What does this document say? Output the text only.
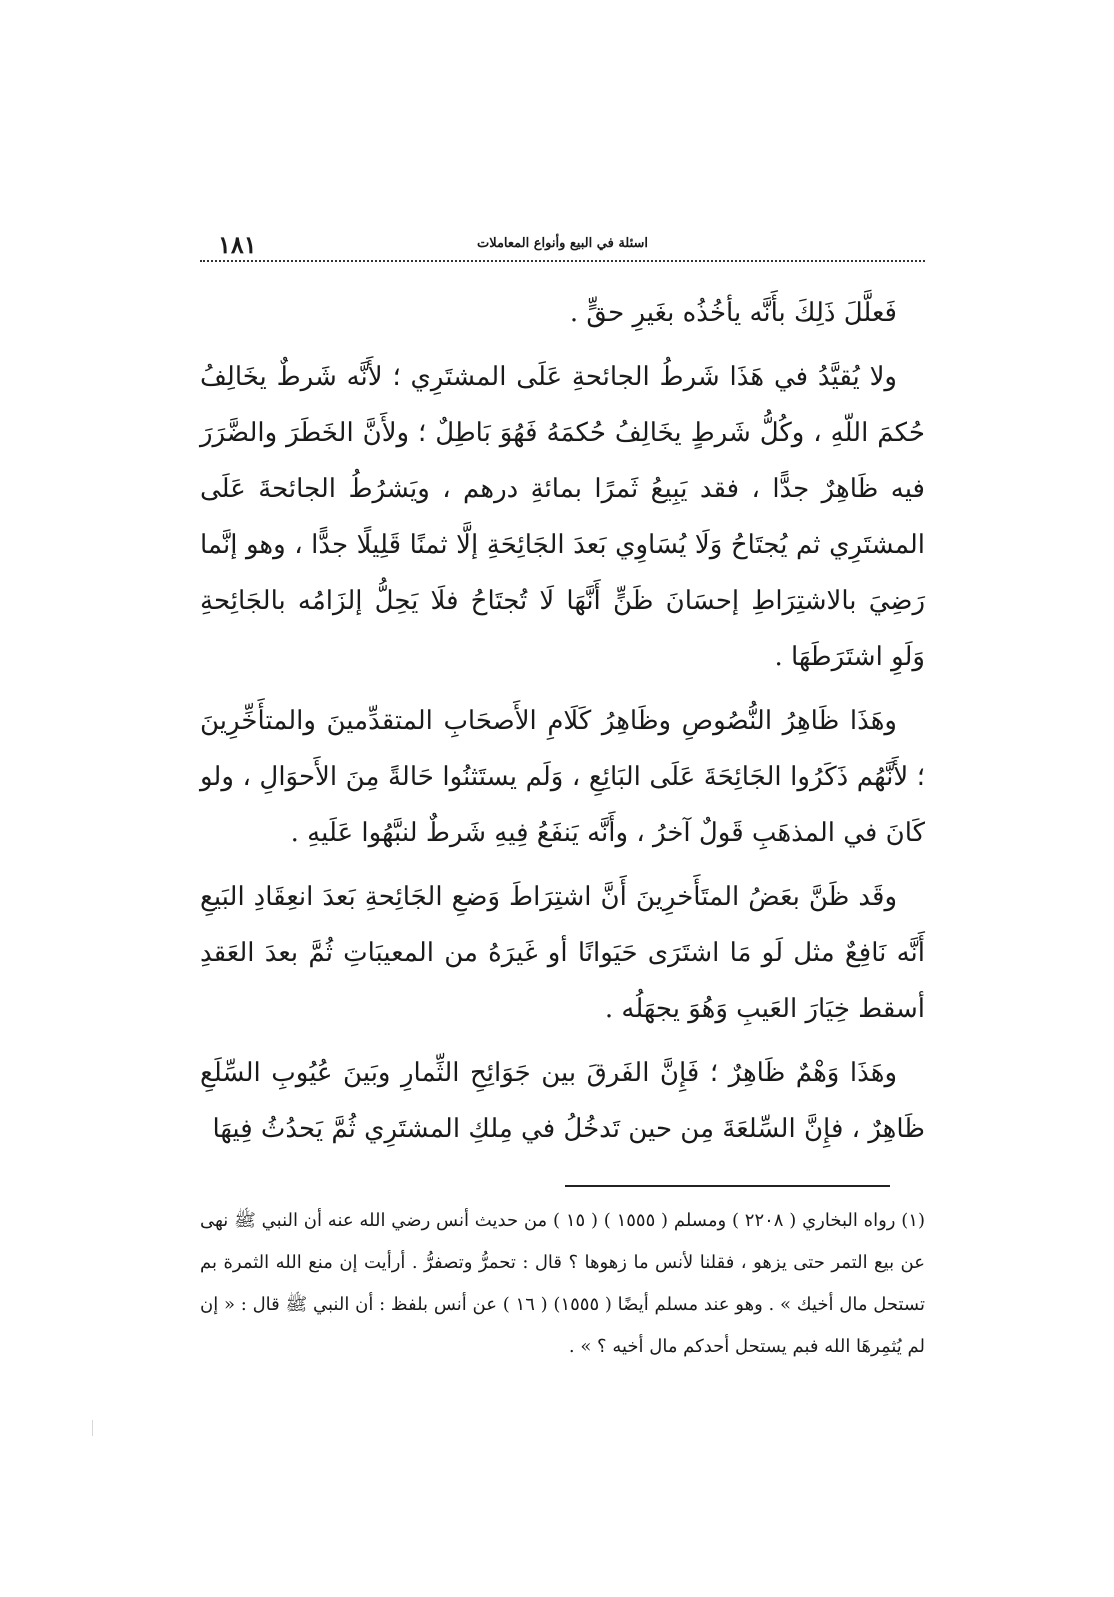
اسئلة في البيع وأنواع المعاملات
١٨١

فَعلَّلَ ذَلِكَ بأَنَّه يأخُذُه بغَيرِ حقٍّ .

ولا يُقيَّدُ في هَذَا شَرطُ الجائحةِ عَلَى المشتَرِي ؛ لأَنَّه شَرطٌ يخَالِفُ حُكمَ اللّهِ ، وكُلُّ شَرطٍ يخَالِفُ حُكمَهُ فَهُوَ بَاطِلٌ ؛ ولأَنَّ الخَطَرَ والضَّرَرَ فيه ظَاهِرٌ جدًّا ، فقد يَبِيعُ ثَمرًا بمائةِ درهم ، ويَشرُطُ الجائحةَ عَلَى المشتَرِي ثم يُجتَاحُ وَلَا يُسَاوِي بَعدَ الجَائِحَةِ إلَّا ثمنًا قَلِيلًا جدًّا ، وهو إنَّما رَضِيَ بالاشتِرَاطِ إحسَانَ ظَنٍّ أَنَّهَا لَا تُجتَاحُ فلَا يَحِلُّ إلزَامُه بالجَائِحةِ وَلَوِ اشتَرَطَهَا .

وهَذَا ظَاهِرُ النُّصُوصِ وظَاهِرُ كَلَامِ الأَصحَابِ المتقدِّمينَ والمتأَخِّرِينَ ؛ لأَنَّهُم ذَكَرُوا الجَائِحَةَ عَلَى البَائِعِ ، وَلَم يستَثنُوا حَالةً مِنَ الأَحوَالِ ، ولو كَانَ في المذهَبِ قَولٌ آخرُ ، وأَنَّه يَنفَعُ فِيهِ شَرطٌ لنبَّهُوا عَلَيهِ .

وقَد ظَنَّ بعَضُ المتَأَخرِينَ أَنَّ اشتِرَاطَ وَضعِ الجَائِحةِ بَعدَ انعِقَادِ البَيعِ أَنَّه نَافِعٌ مثل لَو مَا اشتَرَى حَيَوانًا أو غَيرَهُ من المعيبَاتِ ثُمَّ بعدَ العَقدِ أسقط خِيَارَ العَيبِ وَهُوَ يجهَلُه .

وهَذَا وَهْمٌ ظَاهِرٌ ؛ فَإِنَّ الفَرقَ بين جَوَائِحِ الثِّمارِ وبَينَ عُيُوبِ السِّلَعِ ظَاهِرٌ ، فإِنَّ السِّلعَةَ مِن حين تَدخُلُ في مِلكِ المشتَرِي ثُمَّ يَحدُثُ فِيهَا

(١) رواه البخاري ( ٢٢٠٨ ) ومسلم ( ١٥٥٥ ) ( ١٥ ) من حديث أنس رضي الله عنه أن النبي ﷺ نهى عن بيع التمر حتى يزهو ، فقلنا لأنس ما زهوها ؟ قال : تحمرُّ وتصفرُّ . أرأيت إن منع الله الثمرة بم تستحل مال أخيك » . وهو عند مسلم أيضًا ( ١٥٥٥) ( ١٦ ) عن أنس بلفظ : أن النبي ﷺ قال : « إن لم يُثمِرهَا الله فبم يستحل أحدكم مال أخيه ؟ » .
